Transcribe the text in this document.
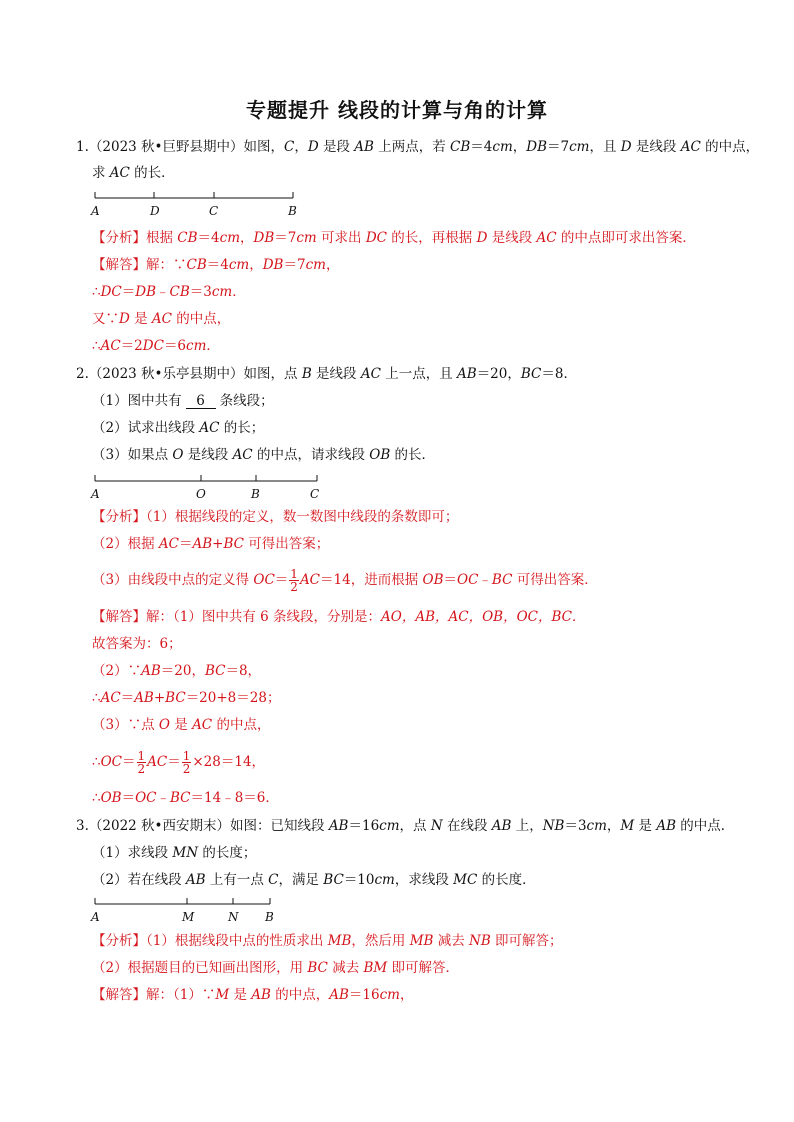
专题提升 线段的计算与角的计算
1.（2023 秋•巨野县期中）如图，C，D 是段 AB 上两点，若 CB＝4cm，DB＝7cm，且 D 是线段 AC 的中点，
求 AC 的长．
A	D	C	B
【分析】根据 CB＝4cm，DB＝7cm 可求出 DC 的长，再根据 D 是线段 AC 的中点即可求出答案．
【解答】解：∵CB＝4cm，DB＝7cm，
∴DC＝DB﹣CB＝3cm．
又∵D 是 AC 的中点，
∴AC＝2DC＝6cm．
2.（2023 秋•乐亭县期中）如图，点 B 是线段 AC 上一点，且 AB＝20，BC＝8．
（1）图中共有 6 条线段；
（2）试求出线段 AC 的长；
（3）如果点 O 是线段 AC 的中点，请求线段 OB 的长．
A	O	B	C
【分析】（1）根据线段的定义，数一数图中线段的条数即可；
（2）根据 AC＝AB+BC 可得出答案；
（3）由线段中点的定义得 $OC= \frac{1}{2} AC=14$，进而根据 OB＝OC﹣BC 可得出答案．
【解答】解：（1）图中共有 6 条线段，分别是：AO，AB，AC，OB，OC，BC．
故答案为：6；
（2）∵AB＝20，BC＝8，
∴AC＝AB+BC＝20+8＝28；
（3）∵点 O 是 AC 的中点，
∴OC＝ $\frac{1}{2} AC= \frac{1}{2} \times 28=14$，
∴OB＝OC﹣BC＝14﹣8＝6．
3.（2022 秋•西安期末）如图：已知线段 AB＝16cm，点 N 在线段 AB 上，NB＝3cm，M 是 AB 的中点．
（1）求线段 MN 的长度；
（2）若在线段 AB 上有一点 C，满足 BC＝10cm，求线段 MC 的长度．
A	M	N B
【分析】（1）根据线段中点的性质求出 MB，然后用 MB 减去 NB 即可解答；
（2）根据题目的已知画出图形，用 BC 减去 BM 即可解答．
【解答】解：（1）∵M 是 AB 的中点，AB＝16cm，
